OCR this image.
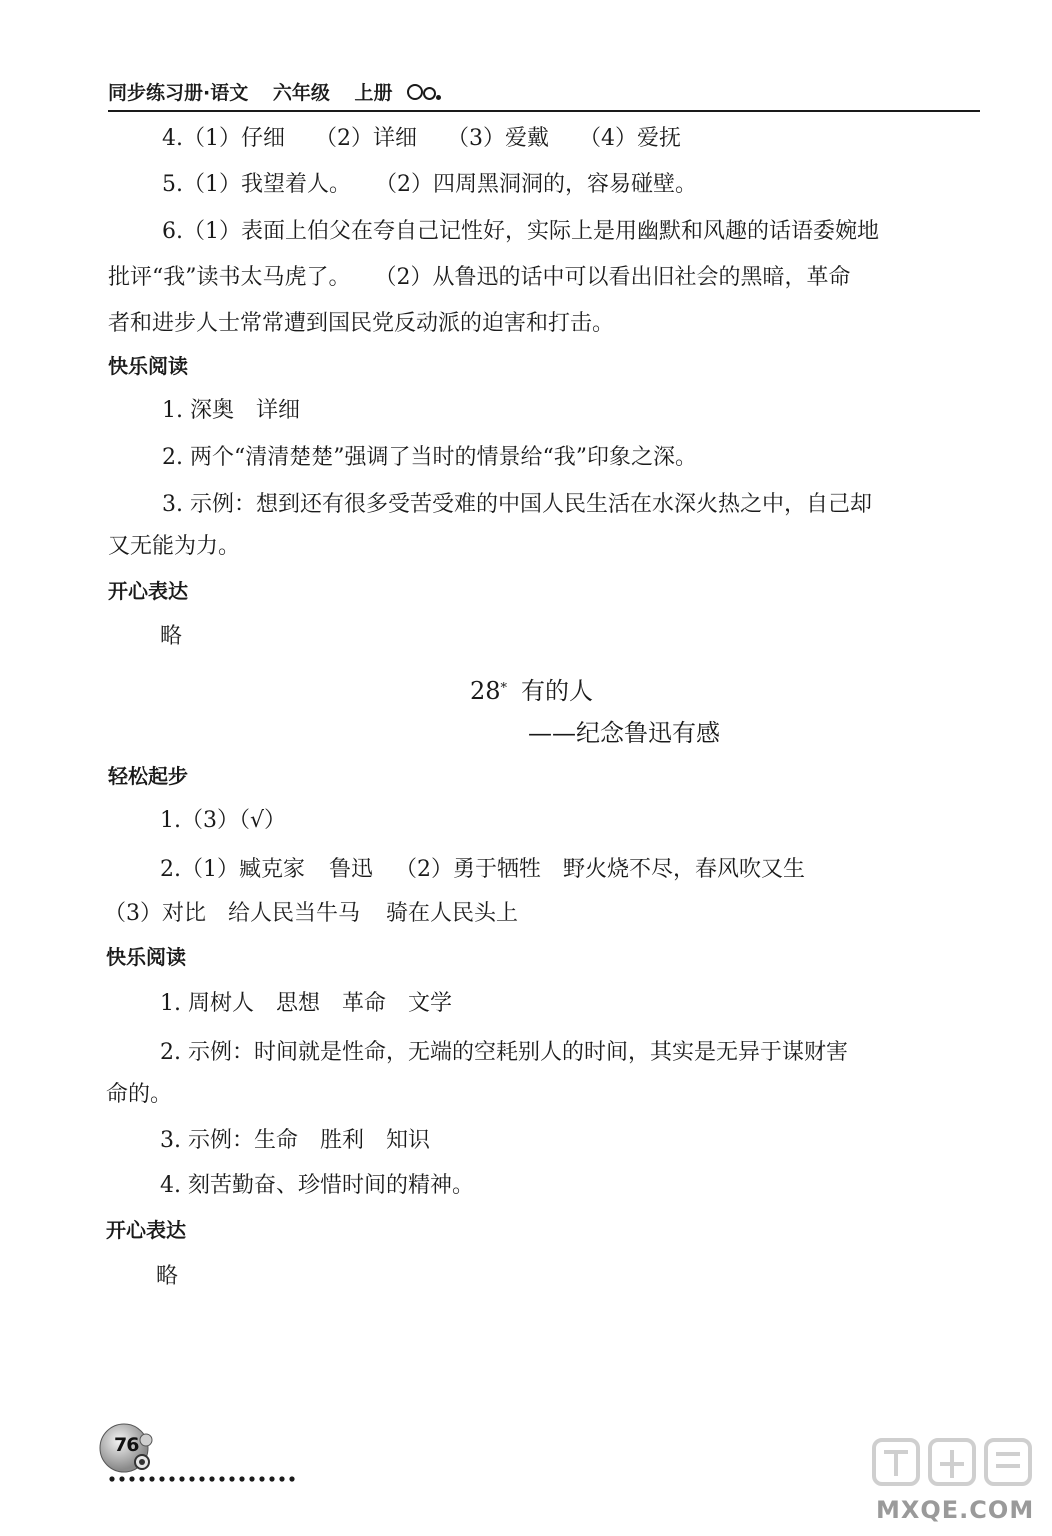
同步练习册·语文 六年级 上册
4.（1）仔细 （2）详细 （3）爱戴 （4）爱抚
5.（1）我望着人。 （2）四周黑洞洞的，容易碰壁。
6.（1）表面上伯父在夸自己记性好，实际上是用幽默和风趣的话语委婉地
批评“我”读书太马虎了。 （2）从鲁迅的话中可以看出旧社会的黑暗，革命
者和进步人士常常遭到国民党反动派的迫害和打击。
快乐阅读
1. 深奥 详细
2. 两个“清清楚楚”强调了当时的情景给“我”印象之深。
3. 示例：想到还有很多受苦受难的中国人民生活在水深火热之中，自己却
又无能为力。
开心表达
略
28* 有的人
——纪念鲁迅有感
轻松起步
1.（3）（√）
2.（1）臧克家 鲁迅 （2）勇于牺牲 野火烧不尽，春风吹又生
（3）对比 给人民当牛马 骑在人民头上
快乐阅读
1. 周树人 思想 革命 文学
2. 示例：时间就是性命，无端的空耗别人的时间，其实是无异于谋财害
命的。
3. 示例：生命 胜利 知识
4. 刻苦勤奋、珍惜时间的精神。
开心表达
略
76
MXQE.COM
